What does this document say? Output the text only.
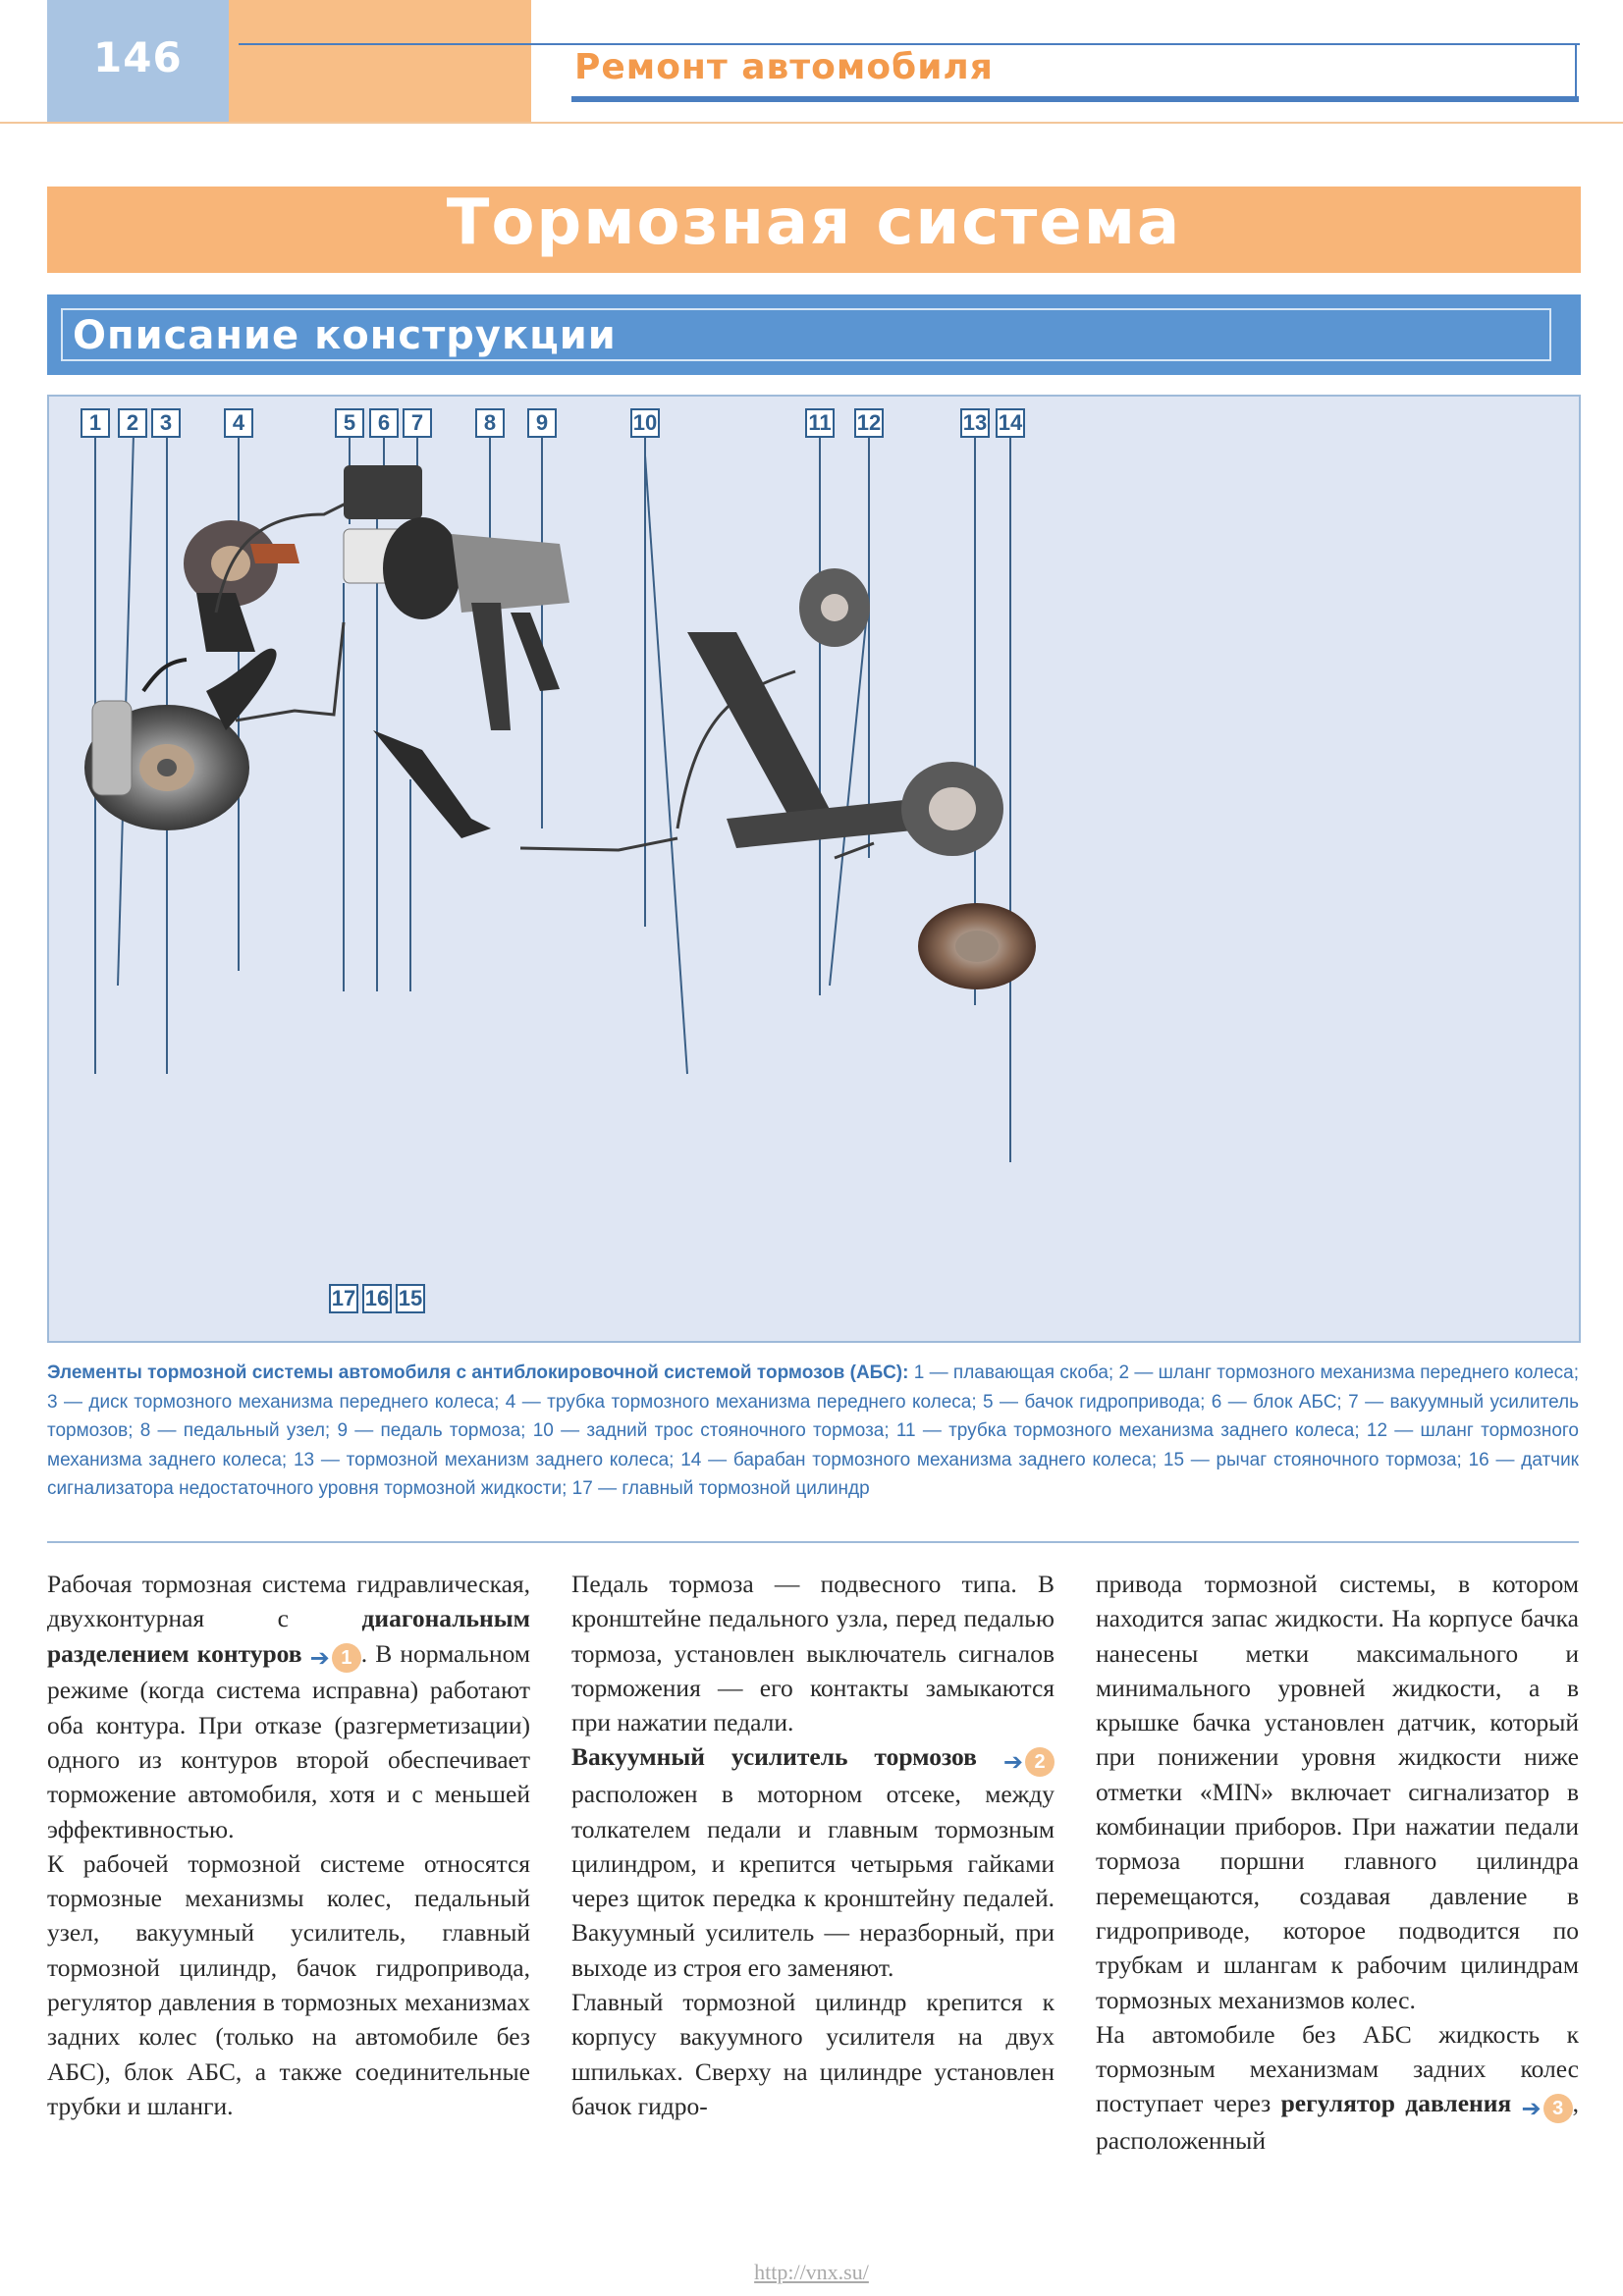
146	Ремонт автомобиля
Тормозная система
Описание конструкции
1	2 3	4	5	6 7	8	9	10	11 12	13 14
15
16
17
Элементы тормозной системы автомобиля с антиблокировочной системой тормозов (АБС): 1 — плавающая скоба; 2 — шланг тормозного механизма переднего колеса; 3 — диск тормозного механизма переднего колеса; 4 — трубка тормозного механизма переднего колеса; 5 — бачок гидропривода; 6 — блок АБС; 7 — вакуумный усилитель тормозов; 8 — педальный узел; 9 — педаль тормоза; 10 — задний трос стояночного тормоза; 11 — трубка тормозного механизма заднего колеса; 12 — шланг тормозного механизма заднего колеса; 13 — тормозной механизм заднего колеса; 14 — барабан тормозного механизма заднего колеса; 15 — рычаг стояночного тормоза; 16 — датчик сигнализатора недостаточного уровня тормозной жидкости; 17 — главный тормозной цилиндр

Рабочая тормозная система гидравлическая, двухконтурная с диагональным разделением контуров ➔ 1 . В нормальном режиме (когда система исправна) работают оба контура. При отказе (разгерметизации) одного из контуров второй обеспечивает торможение автомобиля, хотя и с меньшей эффективностью.

К рабочей тормозной системе относятся тормозные механизмы колес, педальный узел, вакуумный усилитель, главный тормозной цилиндр, бачок гидропривода, регулятор давления в тормозных механизмах задних колес (только на автомобиле без АБС), блок АБС, а также соединительные трубки и шланги.

Педаль тормоза — подвесного типа. В кронштейне педального узла, перед педалью тормоза, установлен выключатель сигналов торможения — его контакты замыкаются при нажатии педали.

Вакуумный усилитель тормозов ➔ 2 расположен в моторном отсеке, между толкателем педали и главным тормозным цилиндром, и крепится четырьмя гайками через щиток передка к кронштейну педалей. Вакуумный усилитель — неразборный, при выходе из строя его заменяют.

Главный тормозной цилиндр крепится к корпусу вакуумного усилителя на двух шпильках. Сверху на цилиндре установлен бачок гидро-

привода тормозной системы, в котором находится запас жидкости. На корпусе бачка нанесены метки максимального и минимального уровней жидкости, а в крышке бачка установлен датчик, который при понижении уровня жидкости ниже отметки «MIN» включает сигнализатор в комбинации приборов. При нажатии педали тормоза поршни главного цилиндра перемещаются, создавая давление в гидроприводе, которое подводится по трубкам и шлангам к рабочим цилиндрам тормозных механизмов колес.

На автомобиле без АБС жидкость к тормозным механизмам задних колес поступает через регулятор давления ➔ 3 , расположенный

http://vnx.su/
